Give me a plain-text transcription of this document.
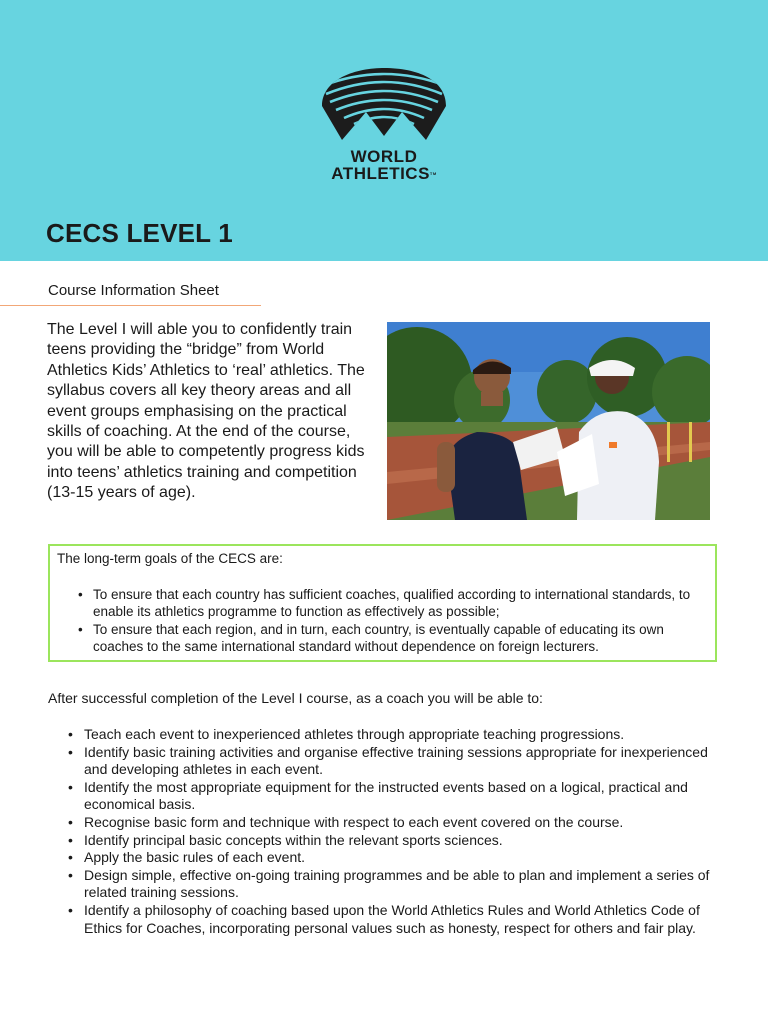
WORLD
ATHLETICSTM
CECS LEVEL 1
Course Information Sheet

The Level I will able you to confidently train teens providing the “bridge” from World Athletics Kids’ Athletics to ‘real’ athletics. The syllabus covers all key theory areas and all event groups emphasising on the practical skills of coaching. At the end of the course, you will be able to competently progress kids into teens’ athletics training and competition (13-15 years of age).

The long-term goals of the CECS are:
• To ensure that each country has sufficient coaches, qualified according to international standards, to enable its athletics programme to function as effectively as possible;
• To ensure that each region, and in turn, each country, is eventually capable of educating its own coaches to the same international standard without dependence on foreign lecturers.
After successful completion of the Level I course, as a coach you will be able to:
• Teach each event to inexperienced athletes through appropriate teaching progressions.
• Identify basic training activities and organise effective training sessions appropriate for inexperienced and developing athletes in each event.
• Identify the most appropriate equipment for the instructed events based on a logical, practical and economical basis.
• Recognise basic form and technique with respect to each event covered on the course.
• Identify principal basic concepts within the relevant sports sciences.
• Apply the basic rules of each event.
• Design simple, effective on-going training programmes and be able to plan and implement a series of related training sessions.
• Identify a philosophy of coaching based upon the World Athletics Rules and World Athletics Code of Ethics for Coaches, incorporating personal values such as honesty, respect for others and fair play.
